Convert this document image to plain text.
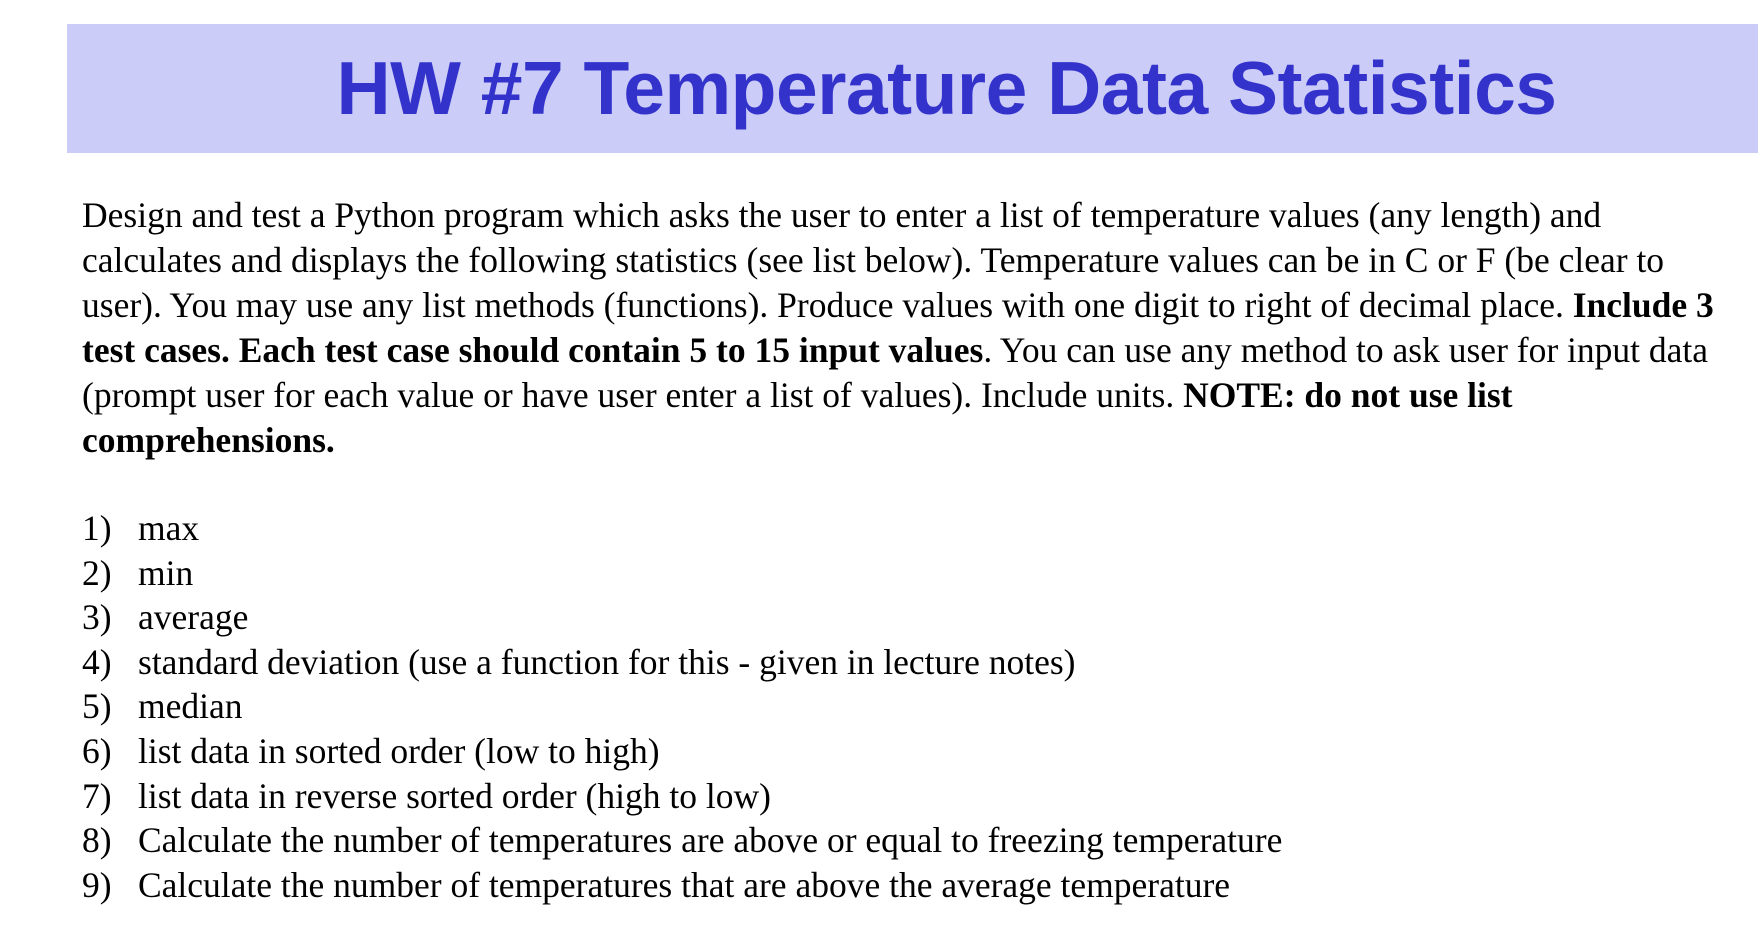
HW #7 Temperature Data Statistics

Design and test a Python program which asks the user to enter a list of temperature values (any length) and calculates and displays the following statistics (see list below). Temperature values can be in C or F (be clear to user). You may use any list methods (functions). Produce values with one digit to right of decimal place. Include 3 test cases. Each test case should contain 5 to 15 input values. You can use any method to ask user for input data (prompt user for each value or have user enter a list of values). Include units. NOTE: do not use list comprehensions.

1) max
2) min
3) average
4) standard deviation (use a function for this - given in lecture notes)
5) median
6) list data in sorted order (low to high)
7) list data in reverse sorted order (high to low)
8) Calculate the number of temperatures are above or equal to freezing temperature
9) Calculate the number of temperatures that are above the average temperature
